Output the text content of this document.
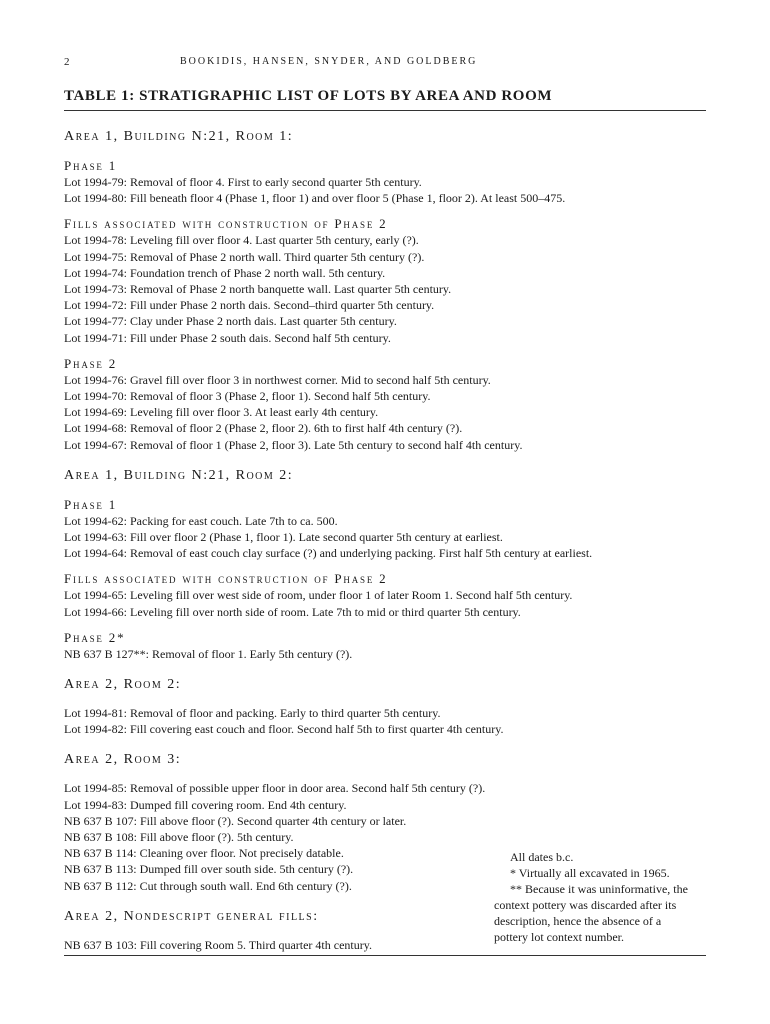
2	BOOKIDIS, HANSEN, SNYDER, AND GOLDBERG
TABLE 1: STRATIGRAPHIC LIST OF LOTS BY AREA AND ROOM
Area 1, Building N:21, Room 1:
Phase 1
Lot 1994-79: Removal of floor 4. First to early second quarter 5th century.
Lot 1994-80: Fill beneath floor 4 (Phase 1, floor 1) and over floor 5 (Phase 1, floor 2). At least 500–475.
Fills associated with construction of Phase 2
Lot 1994-78: Leveling fill over floor 4. Last quarter 5th century, early (?).
Lot 1994-75: Removal of Phase 2 north wall. Third quarter 5th century (?).
Lot 1994-74: Foundation trench of Phase 2 north wall. 5th century.
Lot 1994-73: Removal of Phase 2 north banquette wall. Last quarter 5th century.
Lot 1994-72: Fill under Phase 2 north dais. Second–third quarter 5th century.
Lot 1994-77: Clay under Phase 2 north dais. Last quarter 5th century.
Lot 1994-71: Fill under Phase 2 south dais. Second half 5th century.
Phase 2
Lot 1994-76: Gravel fill over floor 3 in northwest corner. Mid to second half 5th century.
Lot 1994-70: Removal of floor 3 (Phase 2, floor 1). Second half 5th century.
Lot 1994-69: Leveling fill over floor 3. At least early 4th century.
Lot 1994-68: Removal of floor 2 (Phase 2, floor 2). 6th to first half 4th century (?).
Lot 1994-67: Removal of floor 1 (Phase 2, floor 3). Late 5th century to second half 4th century.
Area 1, Building N:21, Room 2:
Phase 1
Lot 1994-62: Packing for east couch. Late 7th to ca. 500.
Lot 1994-63: Fill over floor 2 (Phase 1, floor 1). Late second quarter 5th century at earliest.
Lot 1994-64: Removal of east couch clay surface (?) and underlying packing. First half 5th century at earliest.
Fills associated with construction of Phase 2
Lot 1994-65: Leveling fill over west side of room, under floor 1 of later Room 1. Second half 5th century.
Lot 1994-66: Leveling fill over north side of room. Late 7th to mid or third quarter 5th century.
Phase 2*
NB 637 B 127**: Removal of floor 1. Early 5th century (?).
Area 2, Room 2:
Lot 1994-81: Removal of floor and packing. Early to third quarter 5th century.
Lot 1994-82: Fill covering east couch and floor. Second half 5th to first quarter 4th century.
Area 2, Room 3:
Lot 1994-85: Removal of possible upper floor in door area. Second half 5th century (?).
Lot 1994-83: Dumped fill covering room. End 4th century.
NB 637 B 107: Fill above floor (?). Second quarter 4th century or later.
NB 637 B 108: Fill above floor (?). 5th century.
NB 637 B 114: Cleaning over floor. Not precisely datable.
NB 637 B 113: Dumped fill over south side. 5th century (?).
NB 637 B 112: Cut through south wall. End 6th century (?).
Area 2, Nondescript general fills:
NB 637 B 103: Fill covering Room 5. Third quarter 4th century.
All dates b.c.
* Virtually all excavated in 1965.
** Because it was uninformative, the
context pottery was discarded after its
description, hence the absence of a
pottery lot context number.
